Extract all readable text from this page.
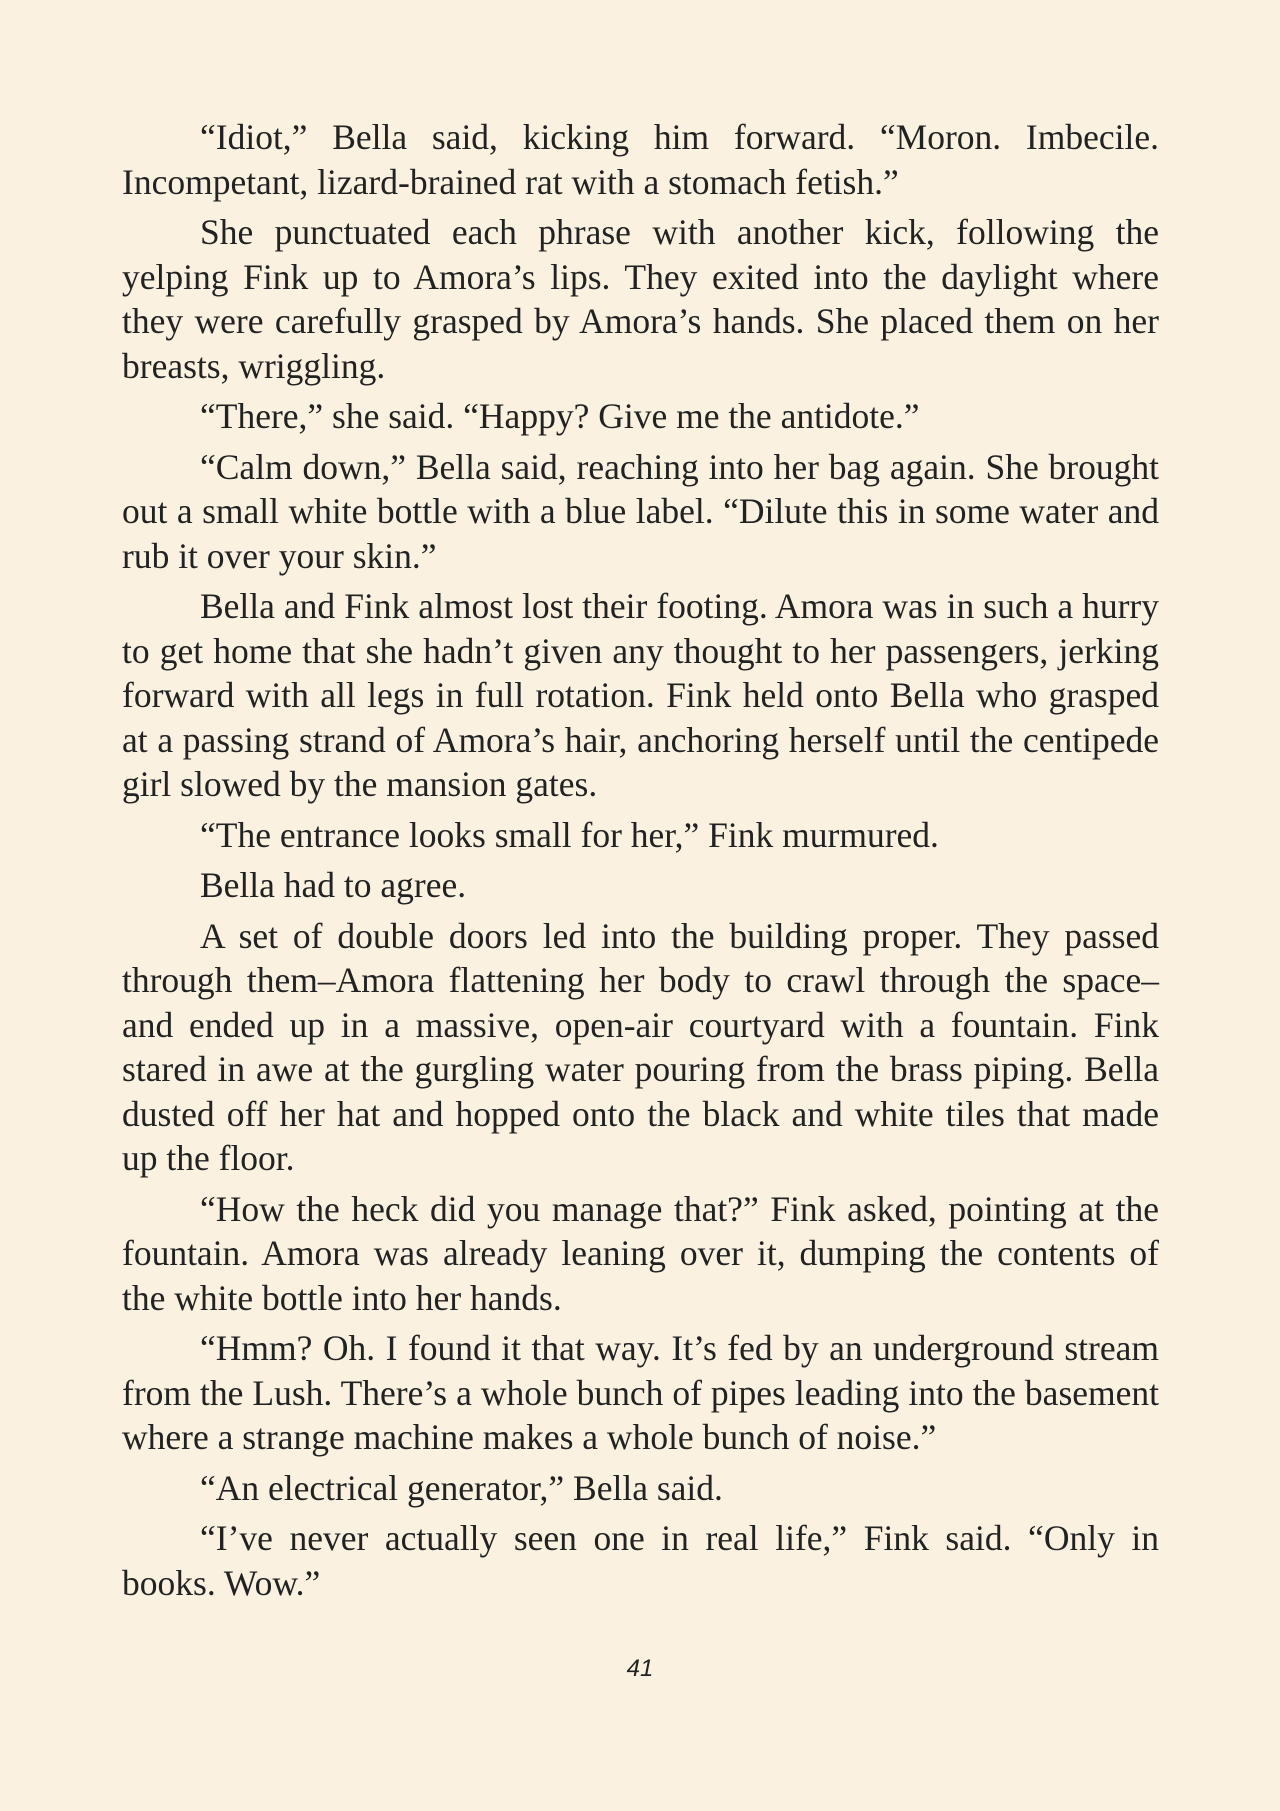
“Idiot,” Bella said, kicking him forward. “Moron. Imbecile. Incompetant, lizard-brained rat with a stomach fetish.”

She punctuated each phrase with another kick, following the yelping Fink up to Amora’s lips. They exited into the daylight where they were carefully grasped by Amora’s hands. She placed them on her breasts, wriggling.

“There,” she said. “Happy? Give me the antidote.”

“Calm down,” Bella said, reaching into her bag again. She brought out a small white bottle with a blue label. “Dilute this in some water and rub it over your skin.”

Bella and Fink almost lost their footing. Amora was in such a hurry to get home that she hadn’t given any thought to her passengers, jerking forward with all legs in full rotation. Fink held onto Bella who grasped at a passing strand of Amora’s hair, anchoring herself until the centipede girl slowed by the mansion gates.

“The entrance looks small for her,” Fink murmured.

Bella had to agree.

A set of double doors led into the building proper. They passed through them–Amora flattening her body to crawl through the space–and ended up in a massive, open-air courtyard with a fountain. Fink stared in awe at the gurgling water pouring from the brass piping. Bella dusted off her hat and hopped onto the black and white tiles that made up the floor.

“How the heck did you manage that?” Fink asked, pointing at the fountain. Amora was already leaning over it, dumping the contents of the white bottle into her hands.

“Hmm? Oh. I found it that way. It’s fed by an underground stream from the Lush. There’s a whole bunch of pipes leading into the basement where a strange machine makes a whole bunch of noise.”

“An electrical generator,” Bella said.

“I’ve never actually seen one in real life,” Fink said. “Only in books. Wow.”

41
